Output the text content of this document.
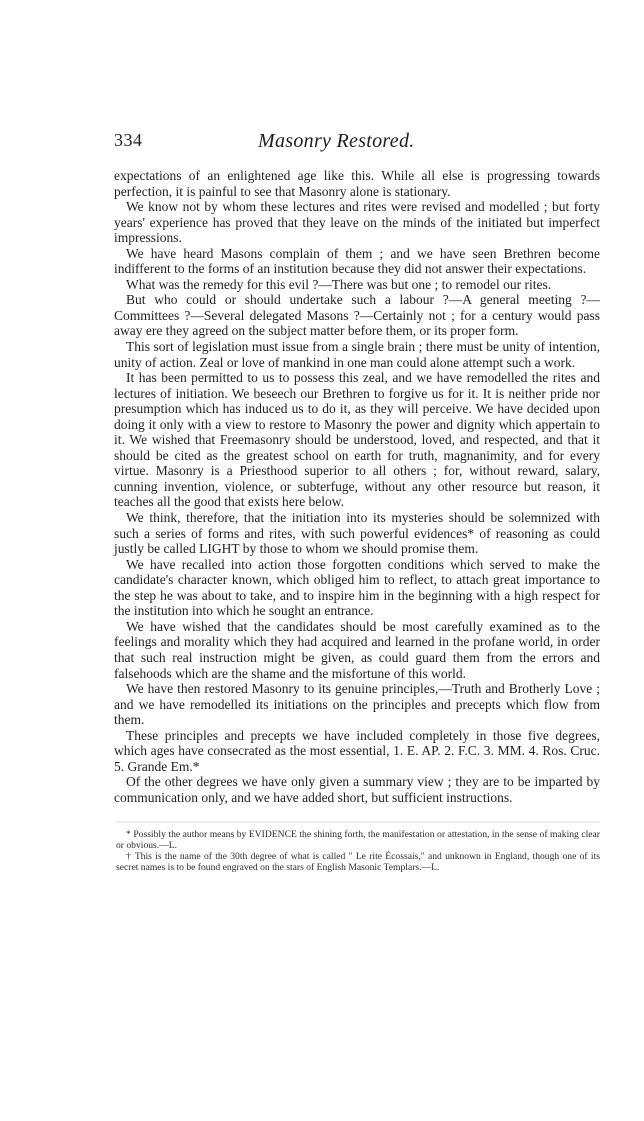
334	Masonry Restored.

expectations of an enlightened age like this. While all else is progressing towards perfection, it is painful to see that Masonry alone is stationary.

We know not by whom these lectures and rites were revised and modelled ; but forty years' experience has proved that they leave on the minds of the initiated but imperfect impressions.

We have heard Masons complain of them ; and we have seen Brethren become indifferent to the forms of an institution because they did not answer their expectations.

What was the remedy for this evil ?—There was but one ; to remodel our rites.

But who could or should undertake such a labour ?—A general meeting ?—Committees ?—Several delegated Masons ?—Certainly not ; for a century would pass away ere they agreed on the subject matter before them, or its proper form.

This sort of legislation must issue from a single brain ; there must be unity of intention, unity of action. Zeal or love of mankind in one man could alone attempt such a work.

It has been permitted to us to possess this zeal, and we have remodelled the rites and lectures of initiation. We beseech our Brethren to forgive us for it. It is neither pride nor presumption which has induced us to do it, as they will perceive. We have decided upon doing it only with a view to restore to Masonry the power and dignity which appertain to it. We wished that Freemasonry should be understood, loved, and respected, and that it should be cited as the greatest school on earth for truth, magnanimity, and for every virtue. Masonry is a Priesthood superior to all others ; for, without reward, salary, cunning invention, violence, or subterfuge, without any other resource but reason, it teaches all the good that exists here below.

We think, therefore, that the initiation into its mysteries should be solemnized with such a series of forms and rites, with such powerful evidences* of reasoning as could justly be called LIGHT by those to whom we should promise them.

We have recalled into action those forgotten conditions which served to make the candidate's character known, which obliged him to reflect, to attach great importance to the step he was about to take, and to inspire him in the beginning with a high respect for the institution into which he sought an entrance.

We have wished that the candidates should be most carefully examined as to the feelings and morality which they had acquired and learned in the profane world, in order that such real instruction might be given, as could guard them from the errors and falsehoods which are the shame and the misfortune of this world.

We have then restored Masonry to its genuine principles,—Truth and Brotherly Love ; and we have remodelled its initiations on the principles and precepts which flow from them.

These principles and precepts we have included completely in those five degrees, which ages have consecrated as the most essential, 1. E. AP. 2. F.C. 3. MM. 4. Ros. Cruc. 5. Grande Em.*

Of the other degrees we have only given a summary view ; they are to be imparted by communication only, and we have added short, but sufficient instructions.

* Possibly the author means by EVIDENCE the shining forth, the manifestation or attestation, in the sense of making clear or obvious.—L.

† This is the name of the 30th degree of what is called " Le rite Écossais," and unknown in England, though one of its secret names is to be found engraved on the stars of English Masonic Templars.—L.
